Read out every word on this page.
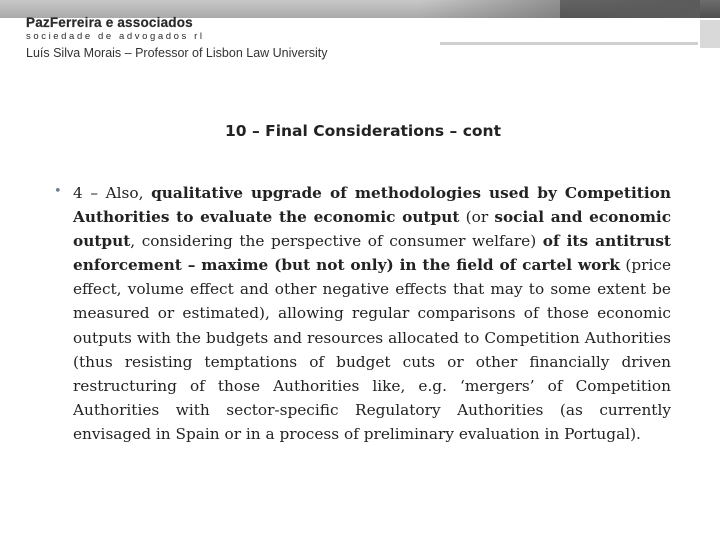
PazFerreira e associados
sociedade de advogados rl
Luís Silva Morais – Professor of Lisbon Law University
10 – Final Considerations – cont
• 4 – Also, qualitative upgrade of methodologies used by Competition Authorities to evaluate the economic output (or social and economic output, considering the perspective of consumer welfare) of its antitrust enforcement – maxime (but not only) in the field of cartel work (price effect, volume effect and other negative effects that may to some extent be measured or estimated), allowing regular comparisons of those economic outputs with the budgets and resources allocated to Competition Authorities (thus resisting temptations of budget cuts or other financially driven restructuring of those Authorities like, e.g. ‘mergers’ of Competition Authorities with sector-specific Regulatory Authorities (as currently envisaged in Spain or in a process of preliminary evaluation in Portugal).
